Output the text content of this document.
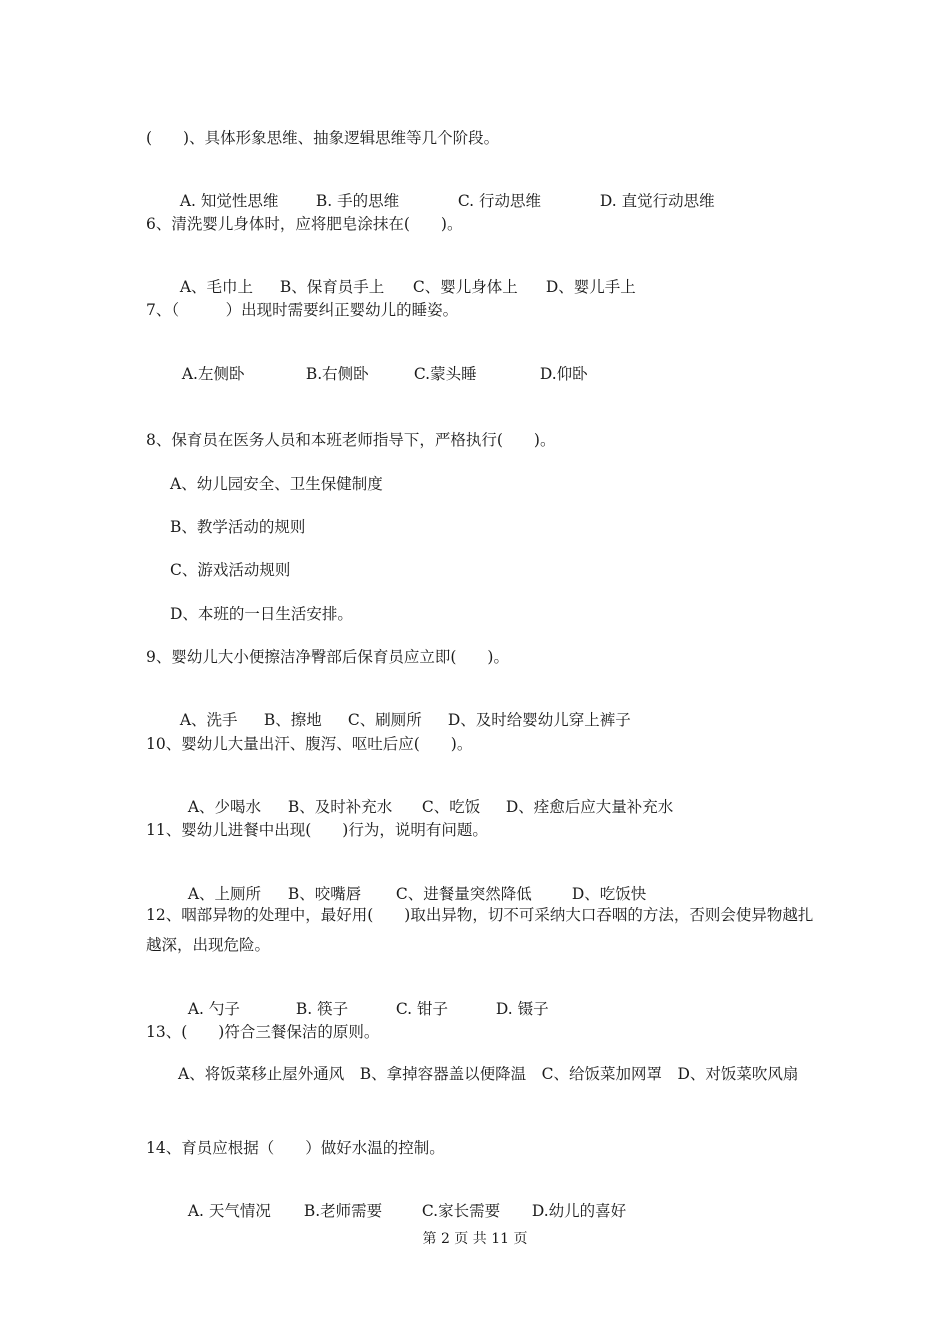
(　　)、具体形象思维、抽象逻辑思维等几个阶段。

A. 知觉性思维 B. 手的思维	C. 行动思维	D. 直觉行动思维

6、清洗婴儿身体时，应将肥皂涂抹在(　　)。

A、毛巾上 B、保育员手上 C、婴儿身体上 D、婴儿手上

7、（　　　）出现时需要纠正婴幼儿的睡姿。

A.左侧卧	B.右侧卧	C.蒙头睡	D.仰卧

8、保育员在医务人员和本班老师指导下，严格执行(　　)。
A、幼儿园安全、卫生保健制度
B、教学活动的规则
C、游戏活动规则
D、本班的一日生活安排。
9、婴幼儿大小便擦洁净臀部后保育员应立即(　　)。

A、洗手 B、擦地 C、刷厕所 D、及时给婴幼儿穿上裤子

10、婴幼儿大量出汗、腹泻、呕吐后应(　　)。

A、少喝水 B、及时补充水 C、吃饭 D、痊愈后应大量补充水

11、婴幼儿进餐中出现(　　)行为，说明有问题。

A、上厕所 B、咬嘴唇 C、进餐量突然降低	D、吃饭快

12、咽部异物的处理中，最好用(　　)取出异物，切不可采纳大口吞咽的方法，否则会使异物越扎越深，出现危险。

A. 勺子	B. 筷子	C. 钳子	D. 镊子

13、(　　)符合三餐保洁的原则。
A、将饭菜移止屋外通风　B、拿掉容器盖以便降温　C、给饭菜加网罩　D、对饭菜吹风扇
14、育员应根据（　　）做好水温的控制。

A. 天气情况 B.老师需要	C.家长需要 D.幼儿的喜好

第 2 页 共 11 页
